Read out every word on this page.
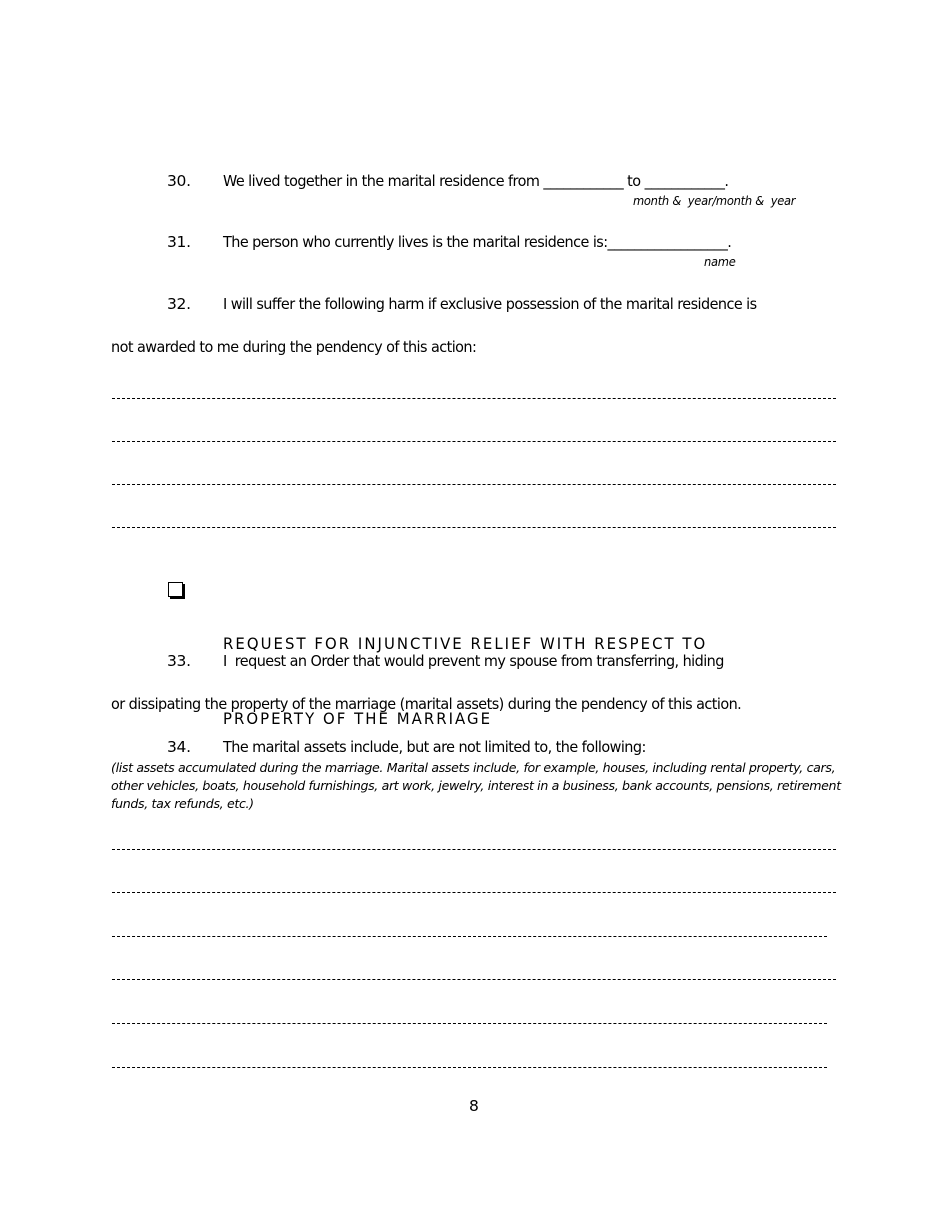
30. We lived together in the marital residence from ____________ to ____________.
month &  year/month &  year
31. The person who currently lives is the marital residence is:__________________.
name
32. I will suffer the following harm if exclusive possession of the marital residence is
not awarded to me during the pendency of this action:

REQUEST FOR INJUNCTIVE RELIEF WITH RESPECT TO

PROPERTY OF THE MARRIAGE

33. I  request an Order that would prevent my spouse from transferring, hiding
or dissipating the property of the marriage (marital assets) during the pendency of this action.
34. The marital assets include, but are not limited to, the following:
(list assets accumulated during the marriage. Marital assets include, for example, houses, including rental property, cars, other vehicles, boats, household furnishings, art work, jewelry, interest in a business, bank accounts, pensions, retirement funds, tax refunds, etc.)
8
